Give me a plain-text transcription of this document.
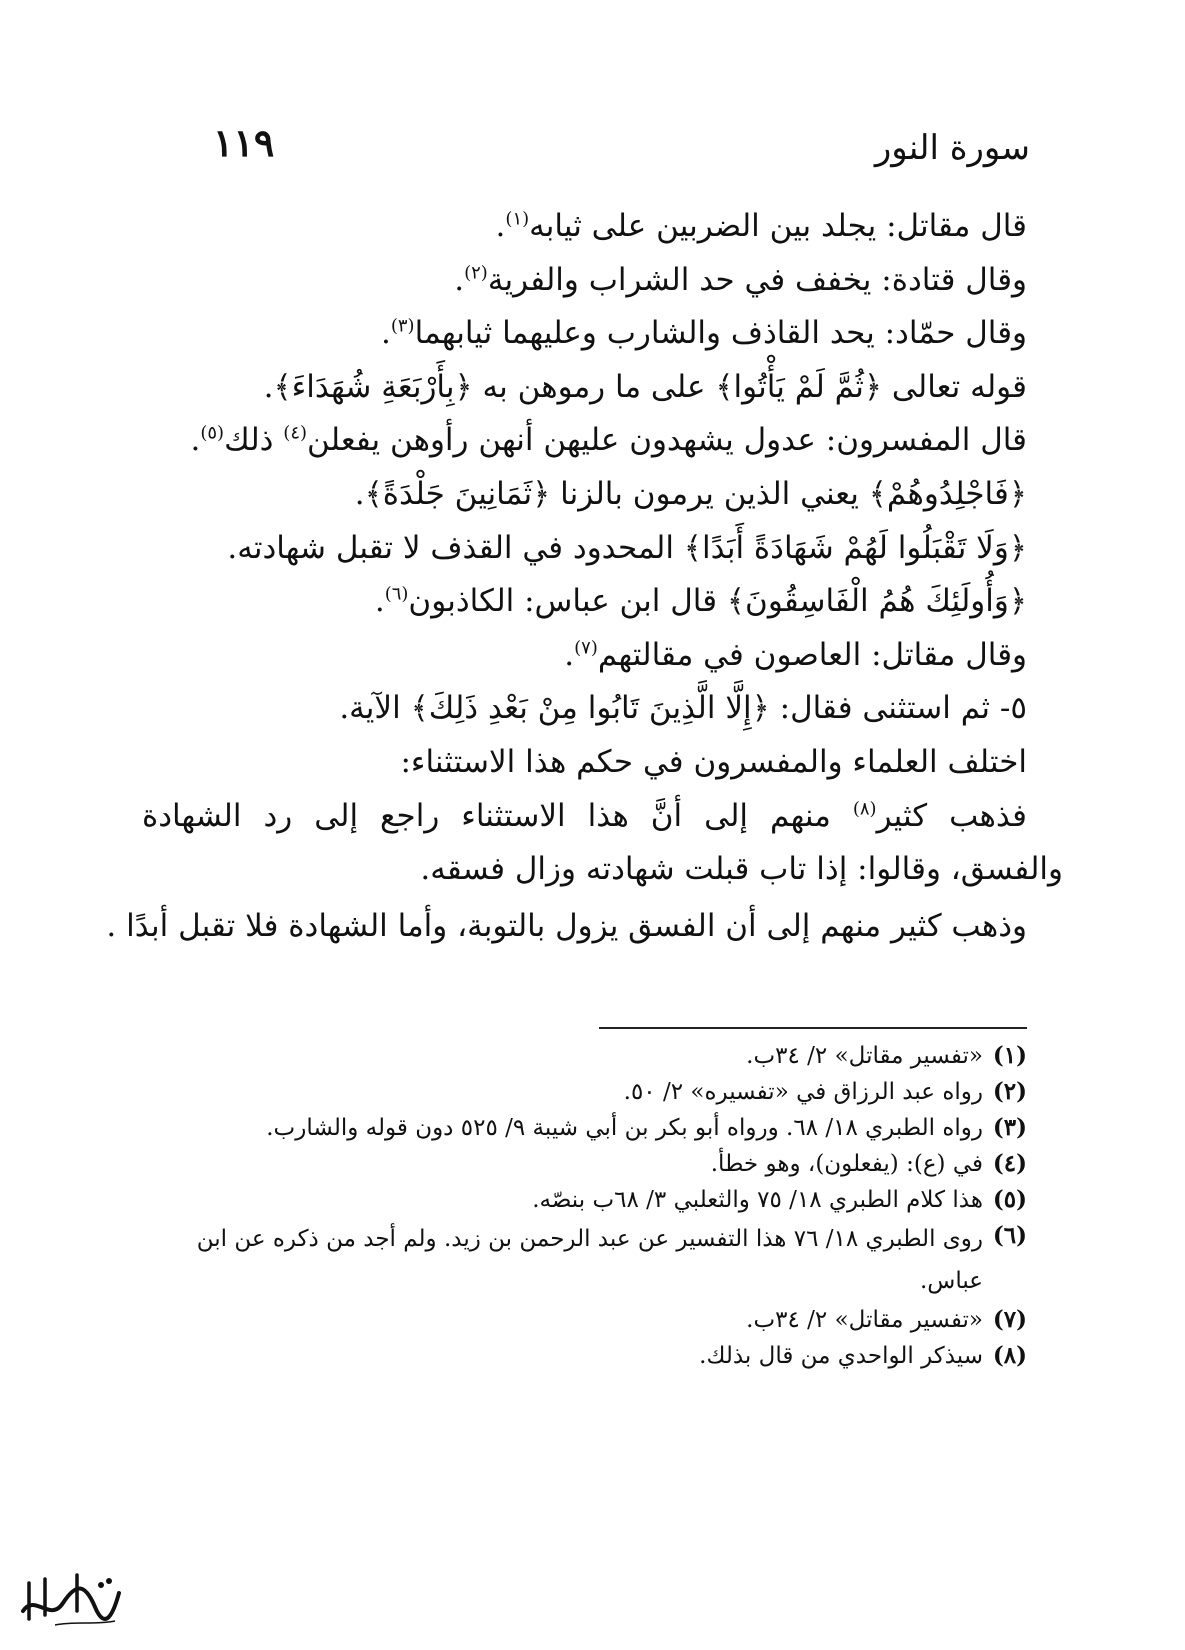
سورة النور
١١٩
قال مقاتل: يجلد بين الضربين على ثيابه$^{(١)}$.
وقال قتادة: يخفف في حد الشراب والفرية$^{(٢)}$.
وقال حمّاد: يحد القاذف والشارب وعليهما ثيابهما$^{(٣)}$.
قوله تعالى ﴿ثُمَّ لَمْ يَأْتُوا﴾ على ما رموهن به ﴿بِأَرْبَعَةِ شُهَدَاءَ﴾.
قال المفسرون: عدول يشهدون عليهن أنهن رأوهن يفعلن$^{(٤)}$ ذلك$^{(٥)}$.
﴿فَاجْلِدُوهُمْ﴾ يعني الذين يرمون بالزنا ﴿ثَمَانِينَ جَلْدَةً﴾.
﴿وَلَا تَقْبَلُوا لَهُمْ شَهَادَةً أَبَدًا﴾ المحدود في القذف لا تقبل شهادته.
﴿وَأُولَئِكَ هُمُ الْفَاسِقُونَ﴾ قال ابن عباس: الكاذبون$^{(٦)}$.
وقال مقاتل: العاصون في مقالتهم$^{(٧)}$.
٥- ثم استثنى فقال: ﴿إِلَّا الَّذِينَ تَابُوا مِنْ بَعْدِ ذَلِكَ﴾ الآية.
اختلف العلماء والمفسرون في حكم هذا الاستثناء:
فذهب كثير$^{(٨)}$ منهم إلى أنَّ هذا الاستثناء راجع إلى رد الشهادة
والفسق، وقالوا: إذا تاب قبلت شهادته وزال فسقه.
وذهب كثير منهم إلى أن الفسق يزول بالتوبة، وأما الشهادة فلا تقبل أبدًا .
(١)
«تفسير مقاتل» ٢/ ٣٤ب.
(٢)
رواه عبد الرزاق في «تفسيره» ٢/ ٥٠.
(٣)
رواه الطبري ١٨/ ٦٨. ورواه أبو بكر بن أبي شيبة ٩/ ٥٢٥ دون قوله والشارب.
(٤)
في (ع): (يفعلون)، وهو خطأ.
(٥)
هذا كلام الطبري ١٨/ ٧٥ والثعلبي ٣/ ٦٨ب بنصّه.
(٦)
روى الطبري ١٨/ ٧٦ هذا التفسير عن عبد الرحمن بن زيد. ولم أجد من ذكره عن ابن عباس.
(٧)
«تفسير مقاتل» ٢/ ٣٤ب.
(٨)
سيذكر الواحدي من قال بذلك.
